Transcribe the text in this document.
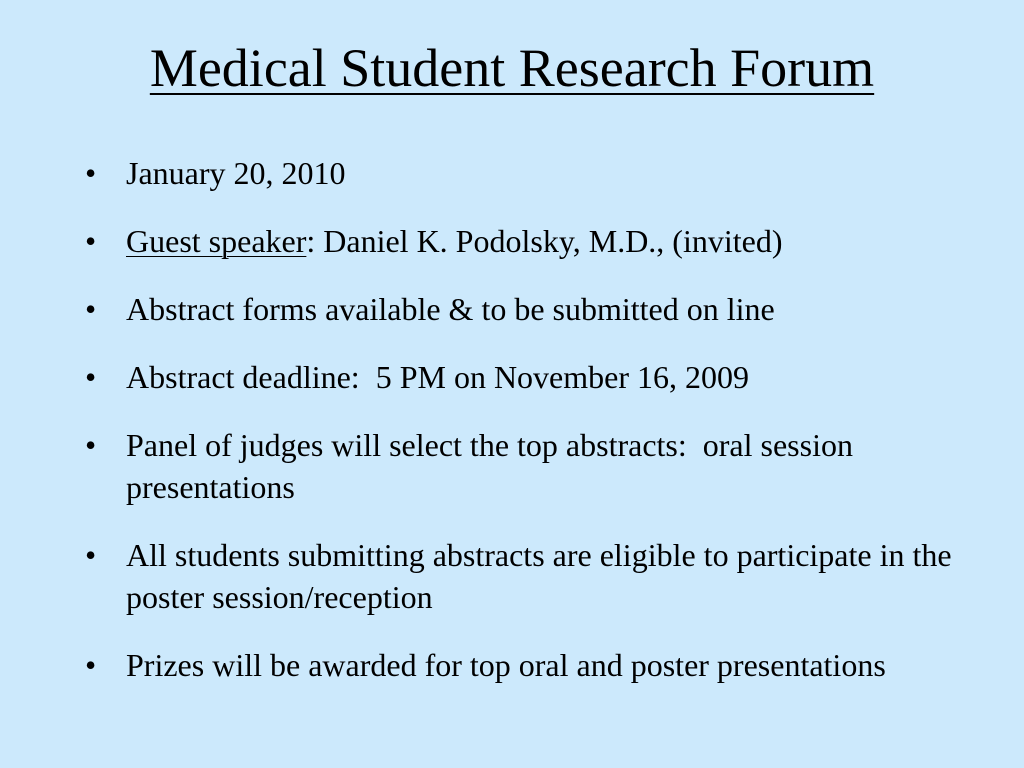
Medical Student Research Forum
• January 20, 2010
• Guest speaker: Daniel K. Podolsky, M.D., (invited)
• Abstract forms available & to be submitted on line
• Abstract deadline:  5 PM on November 16, 2009
• Panel of judges will select the top abstracts:  oral session presentations
• All students submitting abstracts are eligible to participate in the poster session/reception
• Prizes will be awarded for top oral and poster presentations
